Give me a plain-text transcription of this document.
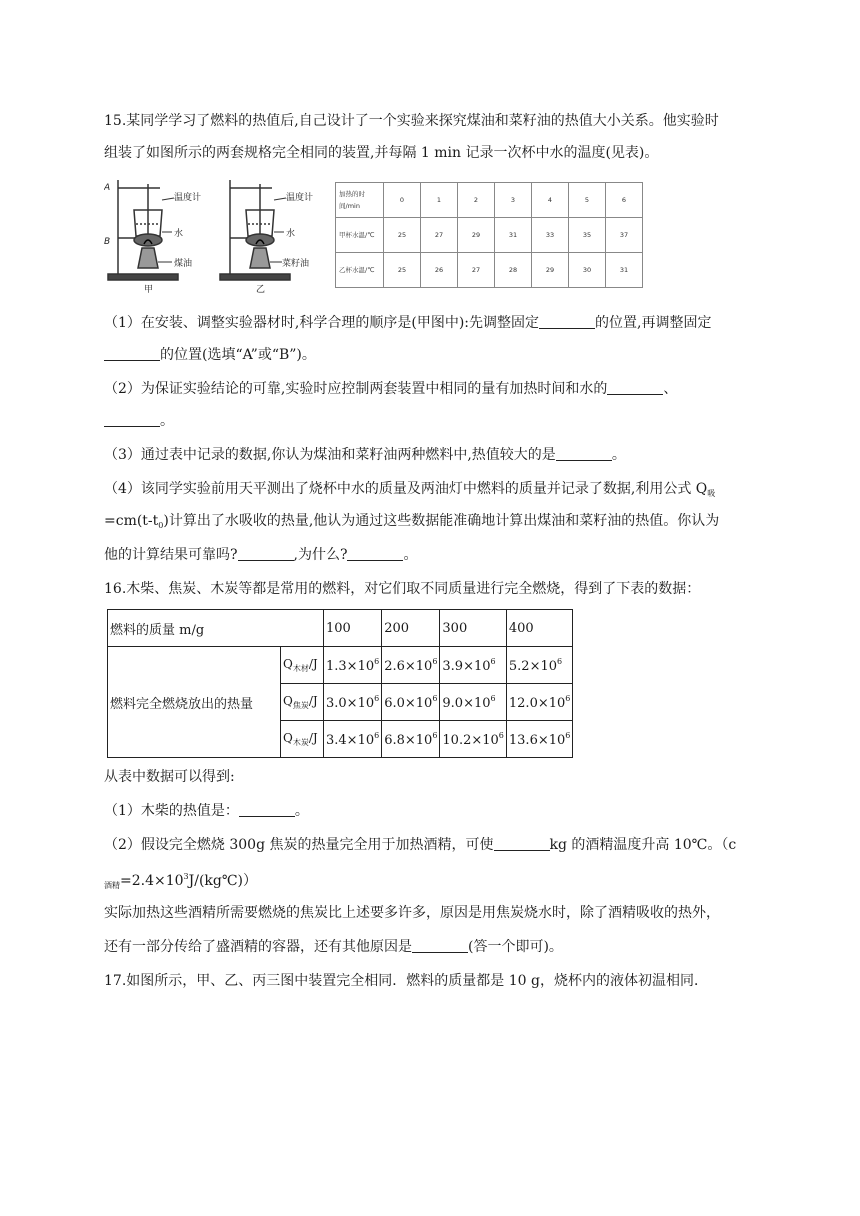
15.某同学学习了燃料的热值后,自己设计了一个实验来探究煤油和菜籽油的热值大小关系。他实验时
组装了如图所示的两套规格完全相同的装置,并每隔 1 min 记录一次杯中水的温度(见表)。
A
B
温度计
水
煤油
甲
温度计
水
菜籽油
乙
加热的时间/min	0	1	2	3	4	5	6
甲杯水温/℃	25	27	29	31	33	35	37
乙杯水温/℃	25	26	27	28	29	30	31
（1）在安装、调整实验器材时,科学合理的顺序是(甲图中):先调整固定	的位置,再调整固定
的位置(选填“A”或“B”)。
（2）为保证实验结论的可靠,实验时应控制两套装置中相同的量有加热时间和水的	、
。
（3）通过表中记录的数据,你认为煤油和菜籽油两种燃料中,热值较大的是	。
（4）该同学实验前用天平测出了烧杯中水的质量及两油灯中燃料的质量并记录了数据,利用公式 $Q_吸$
$=cm(t-t_0)$计算出了水吸收的热量,他认为通过这些数据能准确地计算出煤油和菜籽油的热值。你认为
他的计算结果可靠吗?	,为什么?	。
16.木柴、焦炭、木炭等都是常用的燃料，对它们取不同质量进行完全燃烧，得到了下表的数据：
燃料的质量 m/g		100	200	300	400
燃料完全燃烧放出的热量	$Q_{木材}/J$	$1.3\times 10^6$	$2.6\times 10^6$	$3.9\times 10^6$	$5.2\times 10^6$
	$Q_{焦炭}/J$	$3.0\times 10^6$	$6.0\times 10^6$	$9.0\times 10^6$	$12.0\times 10^6$
	$Q_{木炭}/J$	$3.4\times 10^6$	$6.8\times 10^6$	$10.2\times 10^6$	$13.6\times 10^6$
从表中数据可以得到:
（1）木柴的热值是：	。
（2）假设完全燃烧 300g 焦炭的热量完全用于加热酒精，可使	kg 的酒精温度升高 10℃。（c
$_{酒精}=2.4\times 10^3J/(kg℃)$）
实际加热这些酒精所需要燃烧的焦炭比上述要多许多，原因是用焦炭烧水时，除了酒精吸收的热外，
还有一部分传给了盛酒精的容器，还有其他原因是	(答一个即可)。
17.如图所示，甲、乙、丙三图中装置完全相同．燃料的质量都是 10 g，烧杯内的液体初温相同．
